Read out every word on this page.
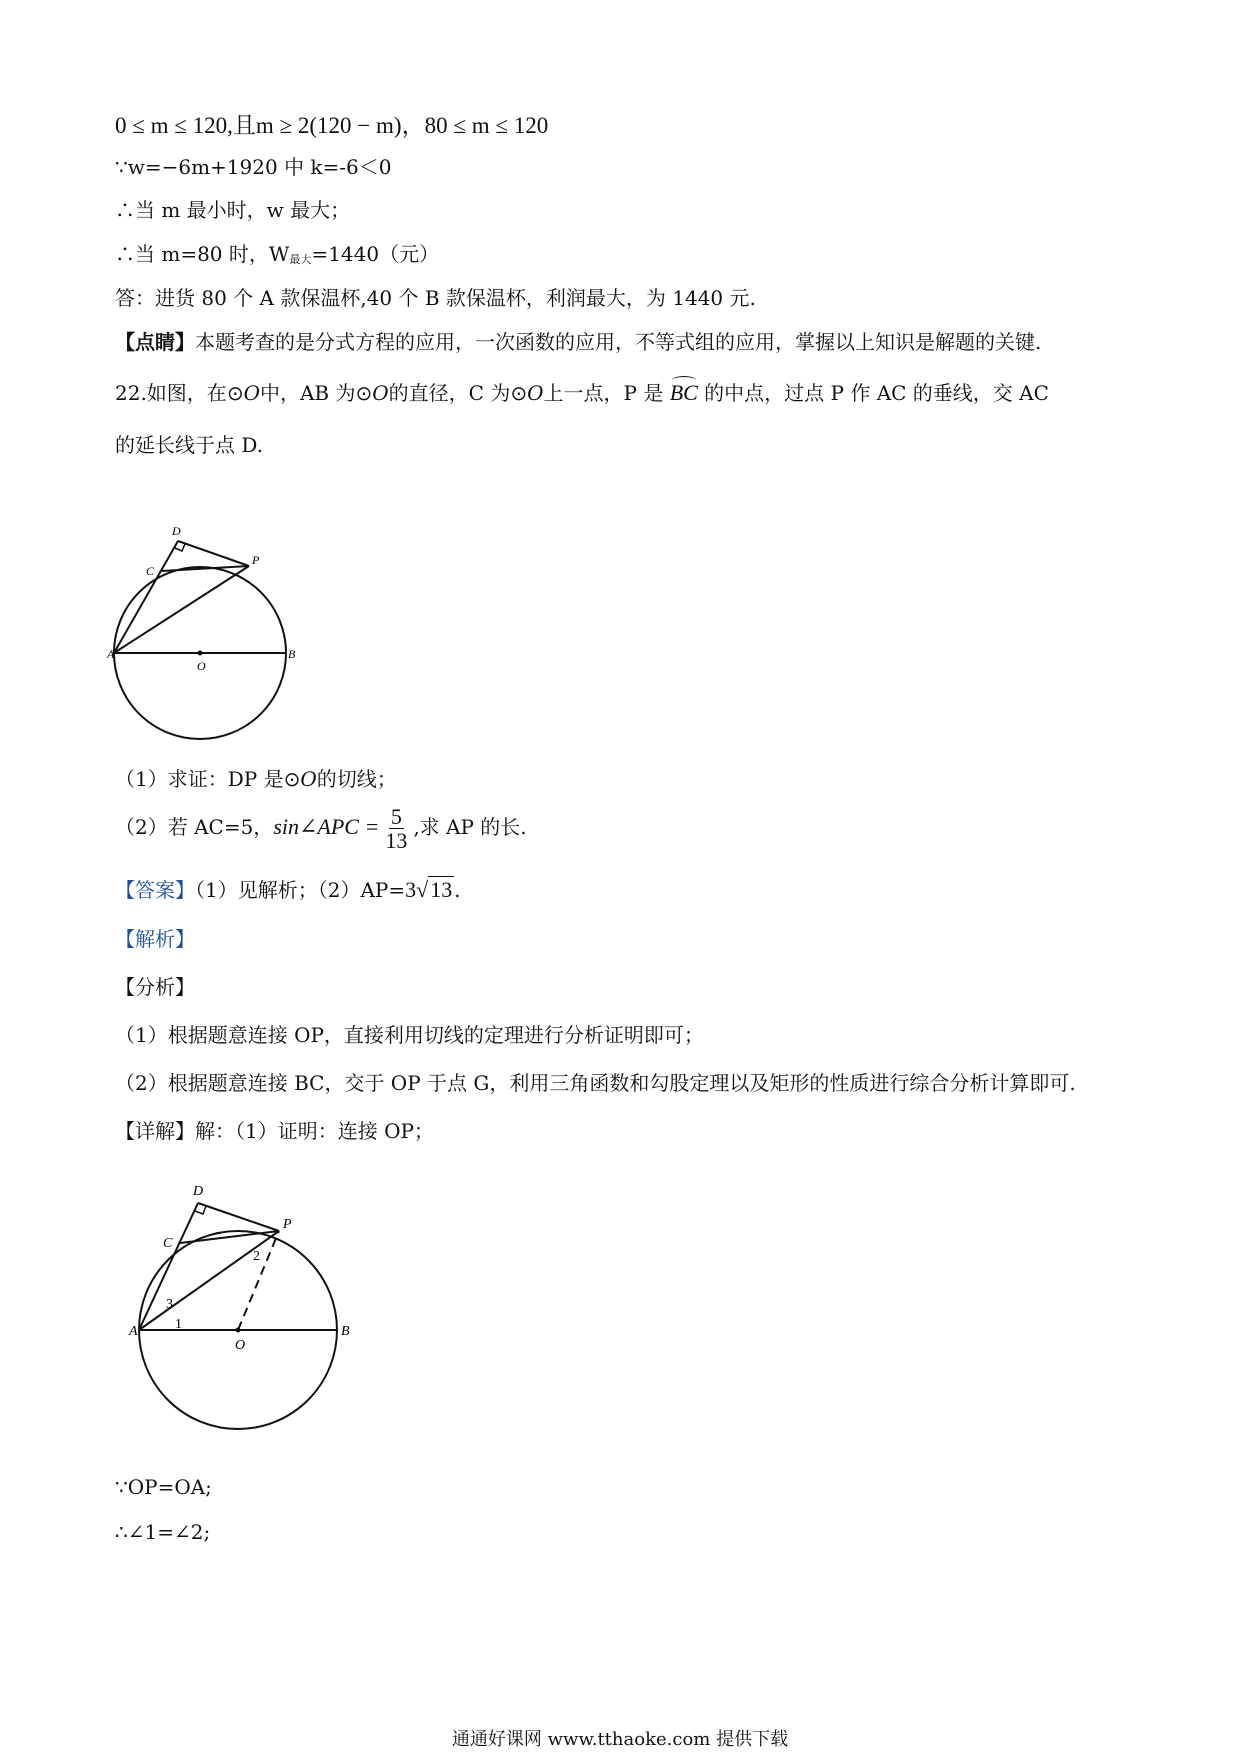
0 ≤ m ≤ 120,且m ≥ 2(120 − m)，80 ≤ m ≤ 120
∵w=−6m+1920 中 k=-6＜0
∴当 m 最小时，w 最大；
∴当 m=80 时，W最大=1440（元）
答：进货 80 个 A 款保温杯,40 个 B 款保温杯，利润最大，为 1440 元.
【点睛】本题考查的是分式方程的应用，一次函数的应用，不等式组的应用，掌握以上知识是解题的关键.
22.如图，在⊙O中，AB 为⊙O的直径，C 为⊙O上一点，P 是 BC 的中点，过点 P 作 AC 的垂线，交 AC
的延长线于点 D.
D
C
P
A
O
B
（1）求证：DP 是⊙O的切线；
（2）若 AC=5，sin∠APC = $\frac{5}{13}$ ,求 AP 的长.
【答案】（1）见解析；（2）AP=3√13 .
【解析】
【分析】
（1）根据题意连接 OP，直接利用切线的定理进行分析证明即可；
（2）根据题意连接 BC，交于 OP 于点 G，利用三角函数和勾股定理以及矩形的性质进行综合分析计算即可.
【详解】解：（1）证明：连接 OP；
D
C
P
A
O
B
1
2
3
∵OP=OA;
∴∠1=∠2;
通通好课网 www.tthaoke.com 提供下载
